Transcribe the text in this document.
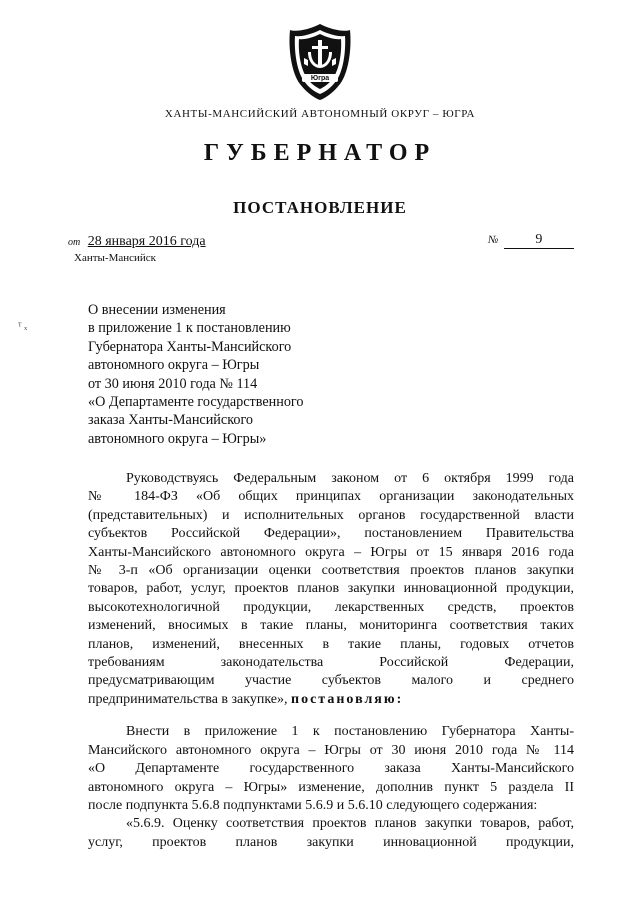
Югра
ХАНТЫ-МАНСИЙСКИЙ АВТОНОМНЫЙ ОКРУГ – ЮГРА
ГУБЕРНАТОР
ПОСТАНОВЛЕНИЕ
от 28 января 2016 года
Ханты-Мансийск
№	9
ᵀ ₓ
О внесении изменения
в приложение 1 к постановлению
Губернатора Ханты-Мансийского
автономного округа – Югры
от 30 июня 2010 года № 114
«О Департаменте государственного
заказа Ханты-Мансийского
автономного округа – Югры»
Руководствуясь Федеральным законом от 6 октября 1999 года
№ 184-ФЗ «Об общих принципах организации законодательных
(представительных) и исполнительных органов государственной власти
субъектов Российской Федерации», постановлением Правительства
Ханты-Мансийского автономного округа – Югры от 15 января 2016 года
№ 3-п «Об организации оценки соответствия проектов планов закупки
товаров, работ, услуг, проектов планов закупки инновационной продукции,
высокотехнологичной продукции, лекарственных средств, проектов
изменений, вносимых в такие планы, мониторинга соответствия таких
планов, изменений, внесенных в такие планы, годовых отчетов
требованиям законодательства Российской Федерации,
предусматривающим участие субъектов малого и среднего
предпринимательства в закупке», постановляю:
Внести в приложение 1 к постановлению Губернатора Ханты-
Мансийского автономного округа – Югры от 30 июня 2010 года № 114
«О Департаменте государственного заказа Ханты-Мансийского
автономного округа – Югры» изменение, дополнив пункт 5 раздела II
после подпункта 5.6.8 подпунктами 5.6.9 и 5.6.10 следующего содержания:
«5.6.9. Оценку соответствия проектов планов закупки товаров, работ,
услуг, проектов планов закупки инновационной продукции,
